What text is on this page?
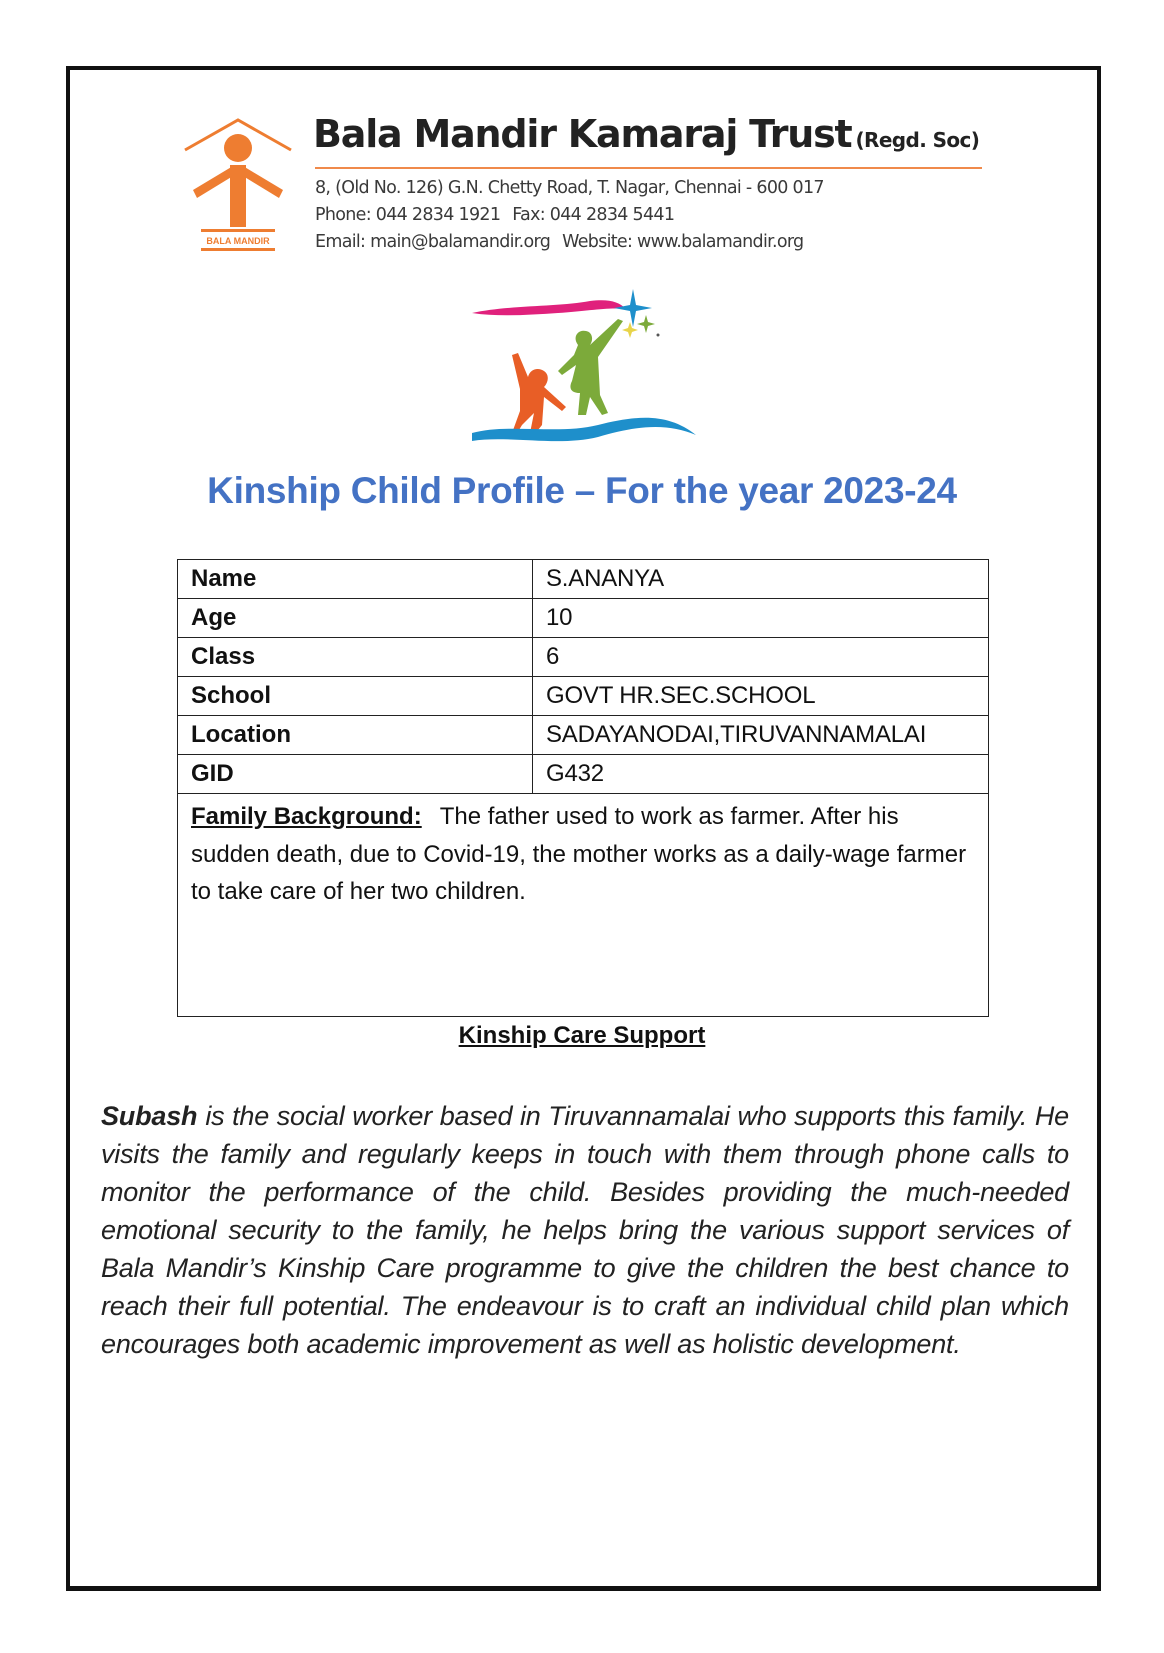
BALA MANDIR
Bala Mandir Kamaraj Trust (Regd. Soc)
8, (Old No. 126) G.N. Chetty Road, T. Nagar, Chennai - 600 017
Phone: 044 2834 1921 Fax: 044 2834 5441
Email: main@balamandir.org Website: www.balamandir.org
Kinship Child Profile – For the year 2023-24
Name	S.ANANYA
Age	10
Class	6
School	GOVT HR.SEC.SCHOOL
Location	SADAYANODAI,TIRUVANNAMALAI
GID	G432
Family Background: The father used to work as farmer. After his sudden death, due to Covid-19, the mother works as a daily-wage farmer to take care of her two children.	
Kinship Care Support

Subash is the social worker based in Tiruvannamalai who supports this family. He visits the family and regularly keeps in touch with them through phone calls to monitor the performance of the child. Besides providing the much-needed emotional security to the family, he helps bring the various support services of Bala Mandir’s Kinship Care programme to give the children the best chance to reach their full potential. The endeavour is to craft an individual child plan which encourages both academic improvement as well as holistic development.
